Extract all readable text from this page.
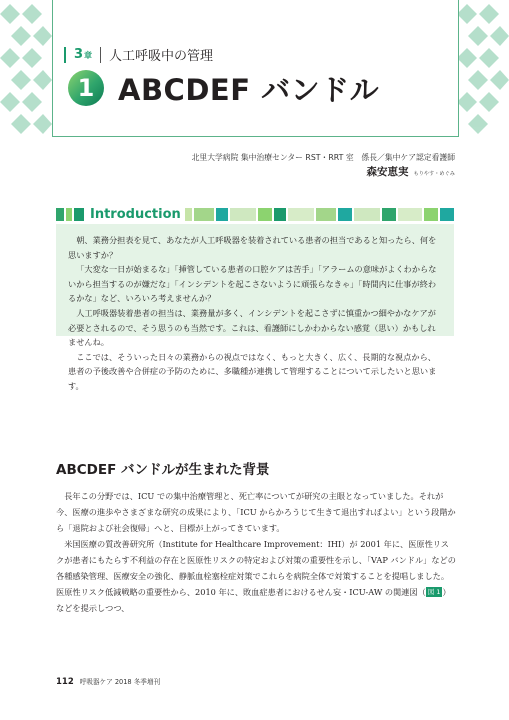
3章 人工呼吸中の管理
1 ABCDEF バンドル
北里大学病院 集中治療センター RST・RRT 室　係長／集中ケア認定看護師
森安恵実 もりやす・めぐみ
Introduction

朝、業務分担表を見て、あなたが人工呼吸器を装着されている患者の担当であると知ったら、何を思いますか？

「大変な一日が始まるな」「挿管している患者の口腔ケアは苦手」「アラームの意味がよくわからないから担当するのが嫌だな」「インシデントを起こさないように頑張らなきゃ」「時間内に仕事が終わるかな」など、いろいろ考えませんか？

人工呼吸器装着患者の担当は、業務量が多く、インシデントを起こさずに慎重かつ細やかなケアが必要とされるので、そう思うのも当然です。これは、看護師にしかわからない感覚（思い）かもしれませんね。

ここでは、そういった日々の業務からの視点ではなく、もっと大きく、広く、長期的な視点から、患者の予後改善や合併症の予防のために、多職種が連携して管理することについて示したいと思います。

ABCDEF バンドルが生まれた背景

長年この分野では、ICU での集中治療管理と、死亡率についてが研究の主眼となっていました。それが今、医療の進歩やさまざまな研究の成果により、「ICU からかろうじて生きて退出すればよい」という段階から「退院および社会復帰」へと、目標が上がってきています。

米国医療の質改善研究所（Institute for Healthcare Improvement：IHI）が 2001 年に、医原性リスクが患者にもたらす不利益の存在と医原性リスクの特定および対策の重要性を示し、「VAP バンドル」などの各種感染管理、医療安全の強化、静脈血栓塞栓症対策でこれらを病院全体で対策することを提唱しました。医原性リスク低減戦略の重要性から、2010 年に、敗血症患者におけるせん妄・ICU-AW の関連図（ 図 1 ）などを提示しつつ、

112 呼吸器ケア 2018 冬季増刊
